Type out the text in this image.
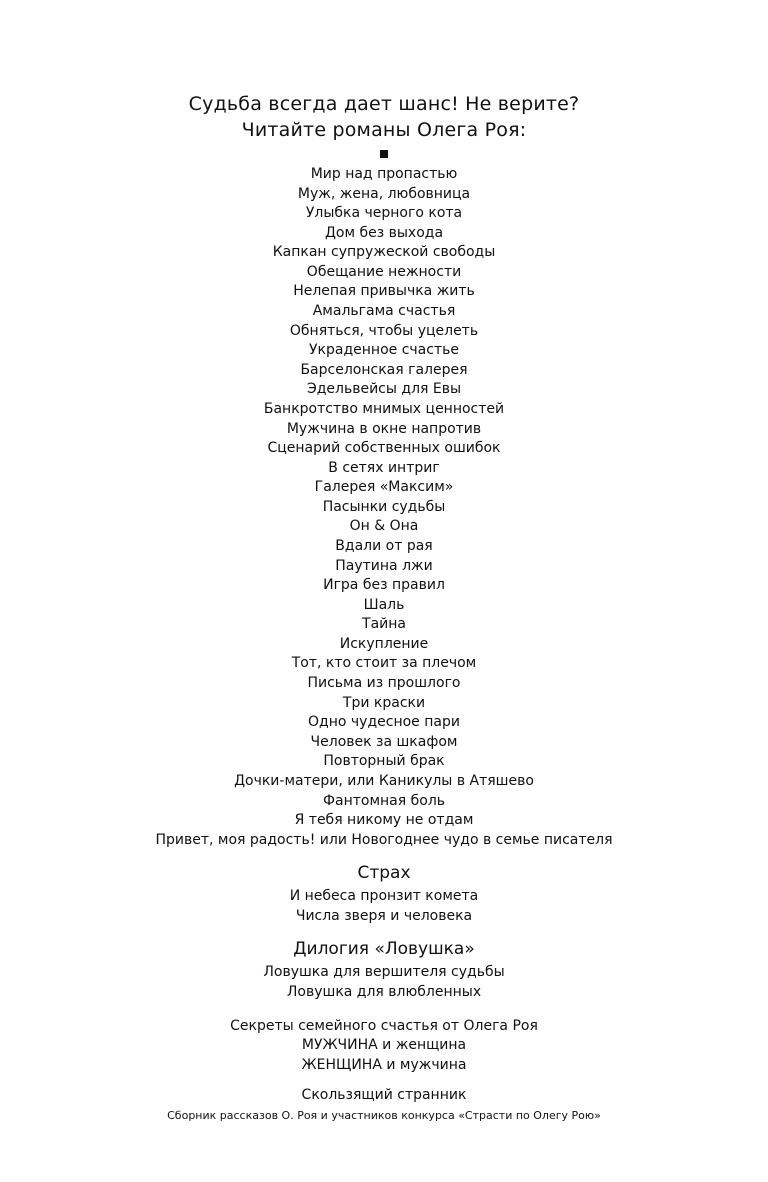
Судьба всегда дает шанс! Не верите?

Читайте романы Олега Роя:

Мир над пропастью
Муж, жена, любовница
Улыбка черного кота
Дом без выхода
Капкан супружеской свободы
Обещание нежности
Нелепая привычка жить
Амальгама счастья
Обняться, чтобы уцелеть
Украденное счастье
Барселонская галерея
Эдельвейсы для Евы
Банкротство мнимых ценностей
Мужчина в окне напротив
Сценарий собственных ошибок
В сетях интриг
Галерея «Максим»
Пасынки судьбы
Он & Она
Вдали от рая
Паутина лжи
Игра без правил
Шаль
Тайна
Искупление
Тот, кто стоит за плечом
Письма из прошлого
Три краски
Одно чудесное пари
Человек за шкафом
Повторный брак
Дочки-матери, или Каникулы в Атяшево
Фантомная боль
Я тебя никому не отдам
Привет, моя радость! или Новогоднее чудо в семье писателя

Страх

И небеса пронзит комета
Числа зверя и человека

Дилогия «Ловушка»

Ловушка для вершителя судьбы
Ловушка для влюбленных

Секреты семейного счастья от Олега Роя

МУЖЧИНА и женщина
ЖЕНЩИНА и мужчина

Скользящий странник

Сборник рассказов О. Роя и участников конкурса «Страсти по Олегу Рою»
